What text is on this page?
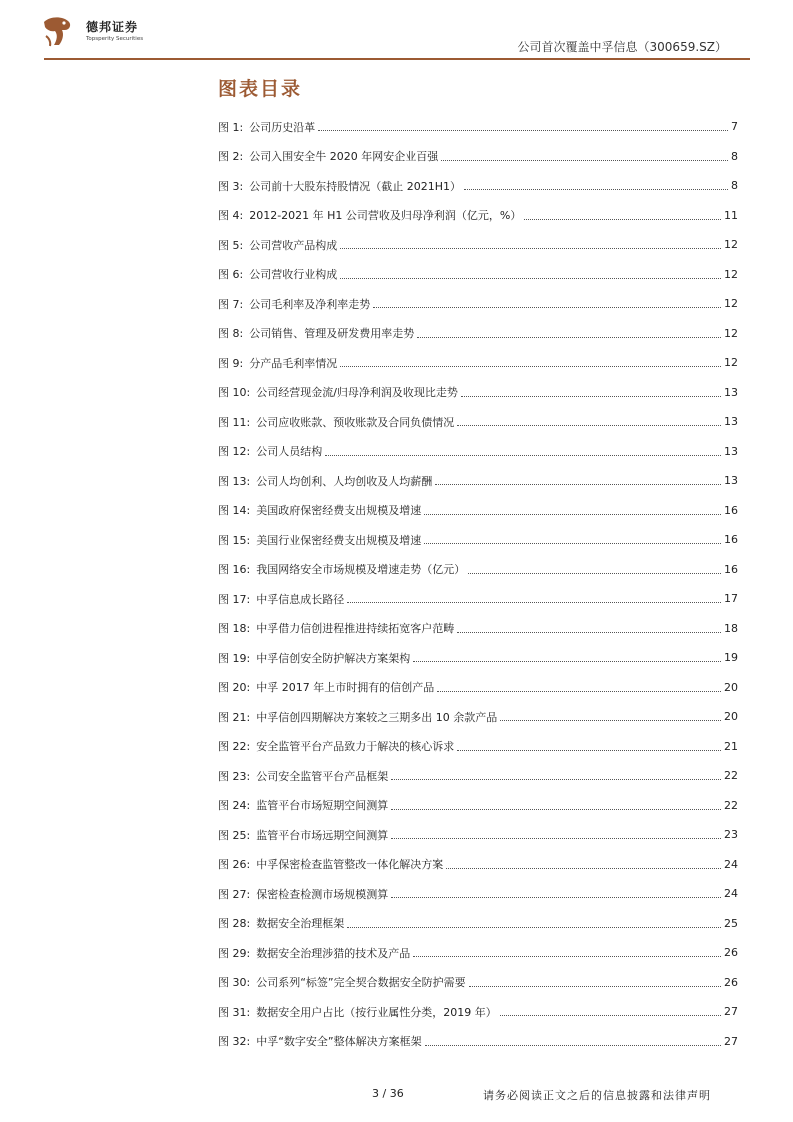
德邦证券
Topsperity Securities
公司首次覆盖中孚信息（300659.SZ）
图表目录
图 1: 公司历史沿革	7
图 2: 公司入围安全牛 2020 年网安企业百强	8
图 3: 公司前十大股东持股情况（截止 2021H1）	8
图 4: 2012-2021 年 H1 公司营收及归母净利润（亿元，%）	11
图 5: 公司营收产品构成	12
图 6: 公司营收行业构成	12
图 7: 公司毛利率及净利率走势	12
图 8: 公司销售、管理及研发费用率走势	12
图 9: 分产品毛利率情况	12
图 10: 公司经营现金流/归母净利润及收现比走势	13
图 11: 公司应收账款、预收账款及合同负债情况	13
图 12: 公司人员结构	13
图 13: 公司人均创利、人均创收及人均薪酬	13
图 14: 美国政府保密经费支出规模及增速	16
图 15: 美国行业保密经费支出规模及增速	16
图 16: 我国网络安全市场规模及增速走势（亿元）	16
图 17: 中孚信息成长路径	17
图 18: 中孚借力信创进程推进持续拓宽客户范畴	18
图 19: 中孚信创安全防护解决方案架构	19
图 20: 中孚 2017 年上市时拥有的信创产品	20
图 21: 中孚信创四期解决方案较之三期多出 10 余款产品	20
图 22: 安全监管平台产品致力于解决的核心诉求	21
图 23: 公司安全监管平台产品框架	22
图 24: 监管平台市场短期空间测算	22
图 25: 监管平台市场远期空间测算	23
图 26: 中孚保密检查监管整改一体化解决方案	24
图 27: 保密检查检测市场规模测算	24
图 28: 数据安全治理框架	25
图 29: 数据安全治理涉猎的技术及产品	26
图 30: 公司系列“标签”完全契合数据安全防护需要	26
图 31: 数据安全用户占比（按行业属性分类，2019 年）	27
图 32: 中孚“数字安全”整体解决方案框架	27
3 / 36	请务必阅读正文之后的信息披露和法律声明
